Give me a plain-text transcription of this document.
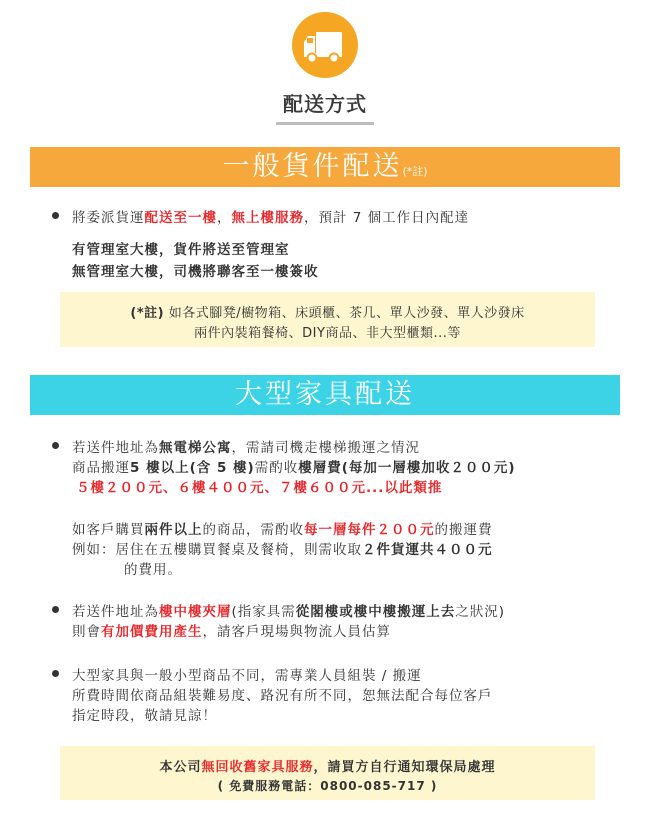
配送方式
一般貨件配送(*註)
將委派貨運配送至一樓，無上樓服務，預計 7 個工作日內配達
有管理室大樓，貨件將送至管理室
無管理室大樓，司機將聯客至一樓簽收
(*註) 如各式腳凳/櫥物箱、床頭櫃、茶几、單人沙發、單人沙發床
兩件內裝箱餐椅、DIY商品、非大型櫃類...等
大型家具配送
若送件地址為無電梯公寓，需請司機走樓梯搬運之情況
商品搬運5 樓以上(含 5 樓)需酌收樓層費(每加一層樓加收２００元)
５樓２００元、６樓４００元、７樓６００元...以此類推
如客戶購買兩件以上的商品，需酌收每一層每件２００元的搬運費
例如：居住在五樓購買餐桌及餐椅，則需收取２件貨運共４００元
的費用。
若送件地址為樓中樓夾層(指家具需從閣樓或樓中樓搬運上去之狀況)
則會有加價費用產生，請客戶現場與物流人員估算
大型家具與一般小型商品不同，需專業人員組裝 / 搬運
所費時間依商品組裝難易度、路況有所不同，恕無法配合每位客戶
指定時段，敬請見諒！
本公司無回收舊家具服務，請買方自行通知環保局處理
( 免費服務電話：0800-085-717 )
